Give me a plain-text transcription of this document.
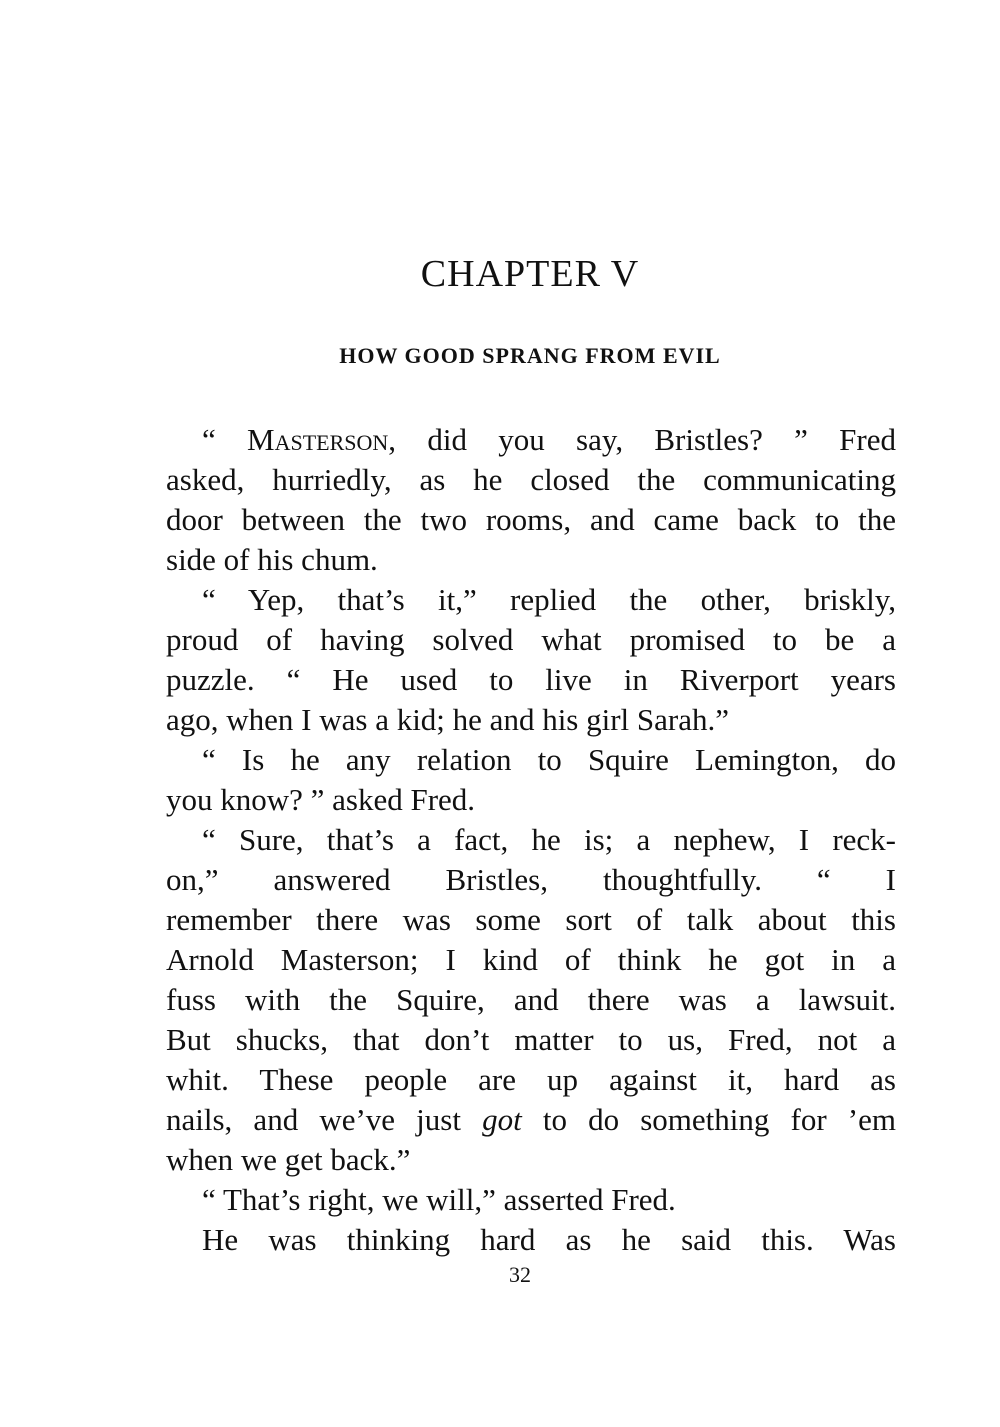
CHAPTER V
HOW GOOD SPRANG FROM EVIL
“ Masterson, did you say, Bristles? ” Fred
asked, hurriedly, as he closed the communicating
door between the two rooms, and came back to the
side of his chum.
“ Yep, that’s it,” replied the other, briskly,
proud of having solved what promised to be a
puzzle. “ He used to live in Riverport years
ago, when I was a kid; he and his girl Sarah.”
“ Is he any relation to Squire Lemington, do
you know? ” asked Fred.
“ Sure, that’s a fact, he is; a nephew, I reck-
on,” answered Bristles, thoughtfully. “ I
remember there was some sort of talk about this
Arnold Masterson; I kind of think he got in a
fuss with the Squire, and there was a lawsuit.
But shucks, that don’t matter to us, Fred, not a
whit. These people are up against it, hard as
nails, and we’ve just got to do something for ’em
when we get back.”
“ That’s right, we will,” asserted Fred.
He was thinking hard as he said this. Was
32
